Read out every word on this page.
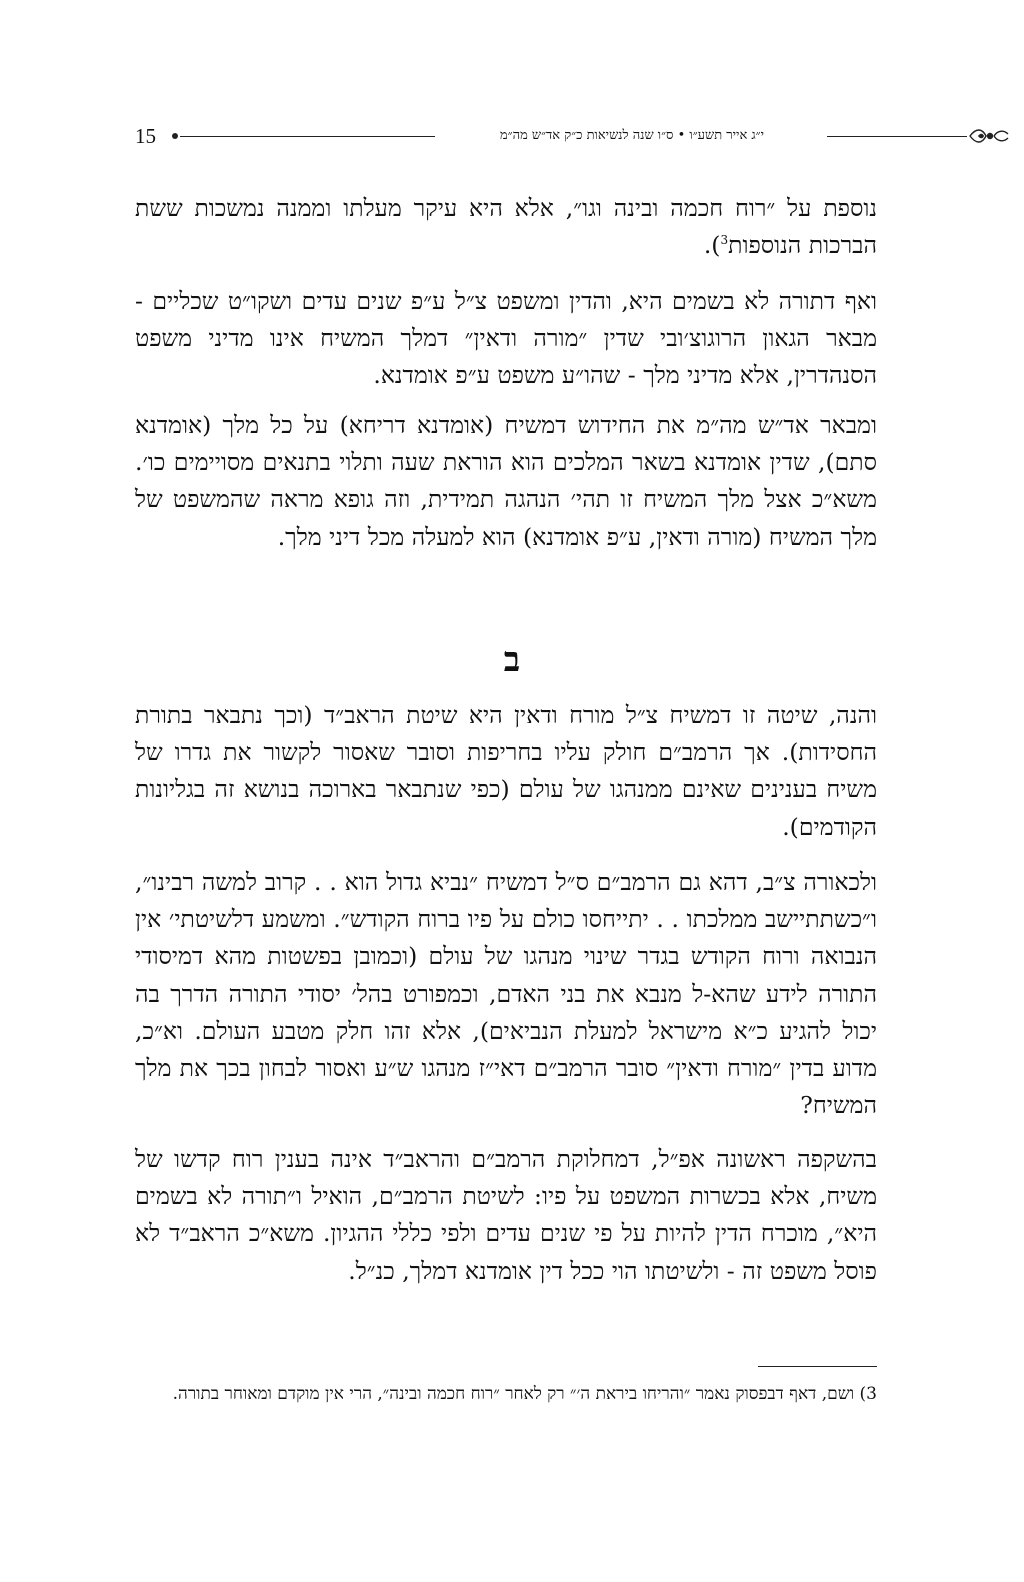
15	י״ג אייר תשע״ו • ס״ו שנה לנשיאות כ״ק אד״ש מה״מ

נוספת על ״רוח חכמה ובינה וגו״, אלא היא עיקר מעלתו וממנה נמשכות ששת הברכות הנוספות$^3$).

ואף דתורה לא בשמים היא, והדין ומשפט צ״ל ע״פ שנים עדים ושקו״ט שכליים - מבאר הגאון הרוגוצ׳ובי שדין ״מורה ודאין״ דמלך המשיח אינו מדיני משפט הסנהדרין, אלא מדיני מלך - שהו״ע משפט ע״פ אומדנא.

ומבאר אד״ש מה״מ את החידוש דמשיח (אומדנא דריחא) על כל מלך (אומדנא סתם), שדין אומדנא בשאר המלכים הוא הוראת שעה ותלוי בתנאים מסויימים כו׳. משא״כ אצל מלך המשיח זו תהי׳ הנהגה תמידית, וזה גופא מראה שהמשפט של מלך המשיח (מורה ודאין, ע״פ אומדנא) הוא למעלה מכל דיני מלך.

ב

והנה, שיטה זו דמשיח צ״ל מורח ודאין היא שיטת הראב״ד (וכך נתבאר בתורת החסידות). אך הרמב״ם חולק עליו בחריפות וסובר שאסור לקשור את גדרו של משיח בענינים שאינם ממנהגו של עולם (כפי שנתבאר בארוכה בנושא זה בגליונות הקודמים).

ולכאורה צ״ב, דהא גם הרמב״ם ס״ל דמשיח ״נביא גדול הוא . . קרוב למשה רבינו״, ו״כשתתיישב ממלכתו . . יתייחסו כולם על פיו ברוח הקודש״. ומשמע דלשיטתי׳ אין הנבואה ורוח הקודש בגדר שינוי מנהגו של עולם (וכמובן בפשטות מהא דמיסודי התורה לידע שהא-ל מנבא את בני האדם, וכמפורט בהל׳ יסודי התורה הדרך בה יכול להגיע כ״א מישראל למעלת הנביאים), אלא זהו חלק מטבע העולם. וא״כ, מדוע בדין ״מורח ודאין״ סובר הרמב״ם דאי״ז מנהגו ש״ע ואסור לבחון בכך את מלך המשיח?

בהשקפה ראשונה אפ״ל, דמחלוקת הרמב״ם והראב״ד אינה בענין רוח קדשו של משיח, אלא בכשרות המשפט על פיו: לשיטת הרמב״ם, הואיל ו״תורה לא בשמים היא״, מוכרח הדין להיות על פי שנים עדים ולפי כללי ההגיון. משא״כ הראב״ד לא פוסל משפט זה - ולשיטתו הוי ככל דין אומדנא דמלך, כנ״ל.

3) ושם, דאף דבפסוק נאמר ״והריחו ביראת ה׳״ רק לאחר ״רוח חכמה ובינה״, הרי אין מוקדם ומאוחר בתורה.
